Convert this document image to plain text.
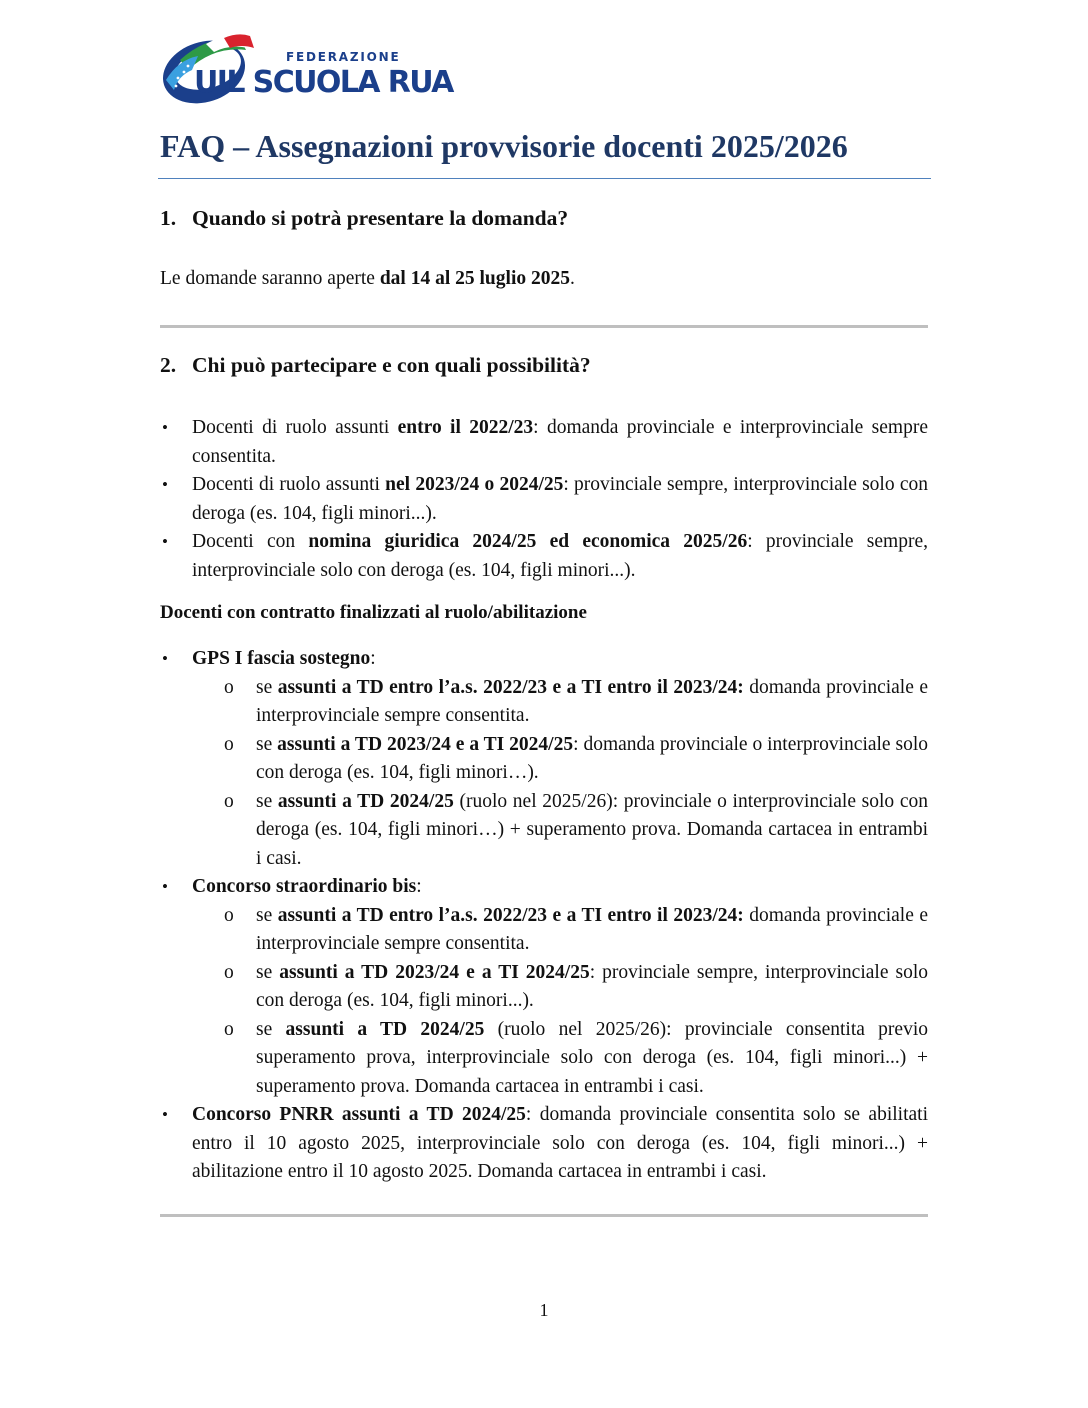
FEDERAZIONE
UIL SCUOLA RUA
FAQ – Assegnazioni provvisorie docenti 2025/2026
1. Quando si potrà presentare la domanda?

Le domande saranno aperte dal 14 al 25 luglio 2025.

2. Chi può partecipare e con quali possibilità?
• Docenti di ruolo assunti entro il 2022/23: domanda provinciale e interprovinciale sempre consentita.
• Docenti di ruolo assunti nel 2023/24 o 2024/25: provinciale sempre, interprovinciale solo con deroga (es. 104, figli minori...).
• Docenti con nomina giuridica 2024/25 ed economica 2025/26: provinciale sempre, interprovinciale solo con deroga (es. 104, figli minori...).
Docenti con contratto finalizzati al ruolo/abilitazione
• GPS I fascia sostegno:
o se assunti a TD entro l’a.s. 2022/23 e a TI entro il 2023/24: domanda provinciale e interprovinciale sempre consentita.
o se assunti a TD 2023/24 e a TI 2024/25: domanda provinciale o interprovinciale solo con deroga (es. 104, figli minori…).
o se assunti a TD 2024/25 (ruolo nel 2025/26): provinciale o interprovinciale solo con deroga (es. 104, figli minori…) + superamento prova. Domanda cartacea in entrambi i casi.
• Concorso straordinario bis:
o se assunti a TD entro l’a.s. 2022/23 e a TI entro il 2023/24: domanda provinciale e interprovinciale sempre consentita.
o se assunti a TD 2023/24 e a TI 2024/25: provinciale sempre, interprovinciale solo con deroga (es. 104, figli minori...).
o se assunti a TD 2024/25 (ruolo nel 2025/26): provinciale consentita previo superamento prova, interprovinciale solo con deroga (es. 104, figli minori...) + superamento prova. Domanda cartacea in entrambi i casi.
• Concorso PNRR assunti a TD 2024/25: domanda provinciale consentita solo se abilitati entro il 10 agosto 2025, interprovinciale solo con deroga (es. 104, figli minori...) + abilitazione entro il 10 agosto 2025. Domanda cartacea in entrambi i casi.
1
